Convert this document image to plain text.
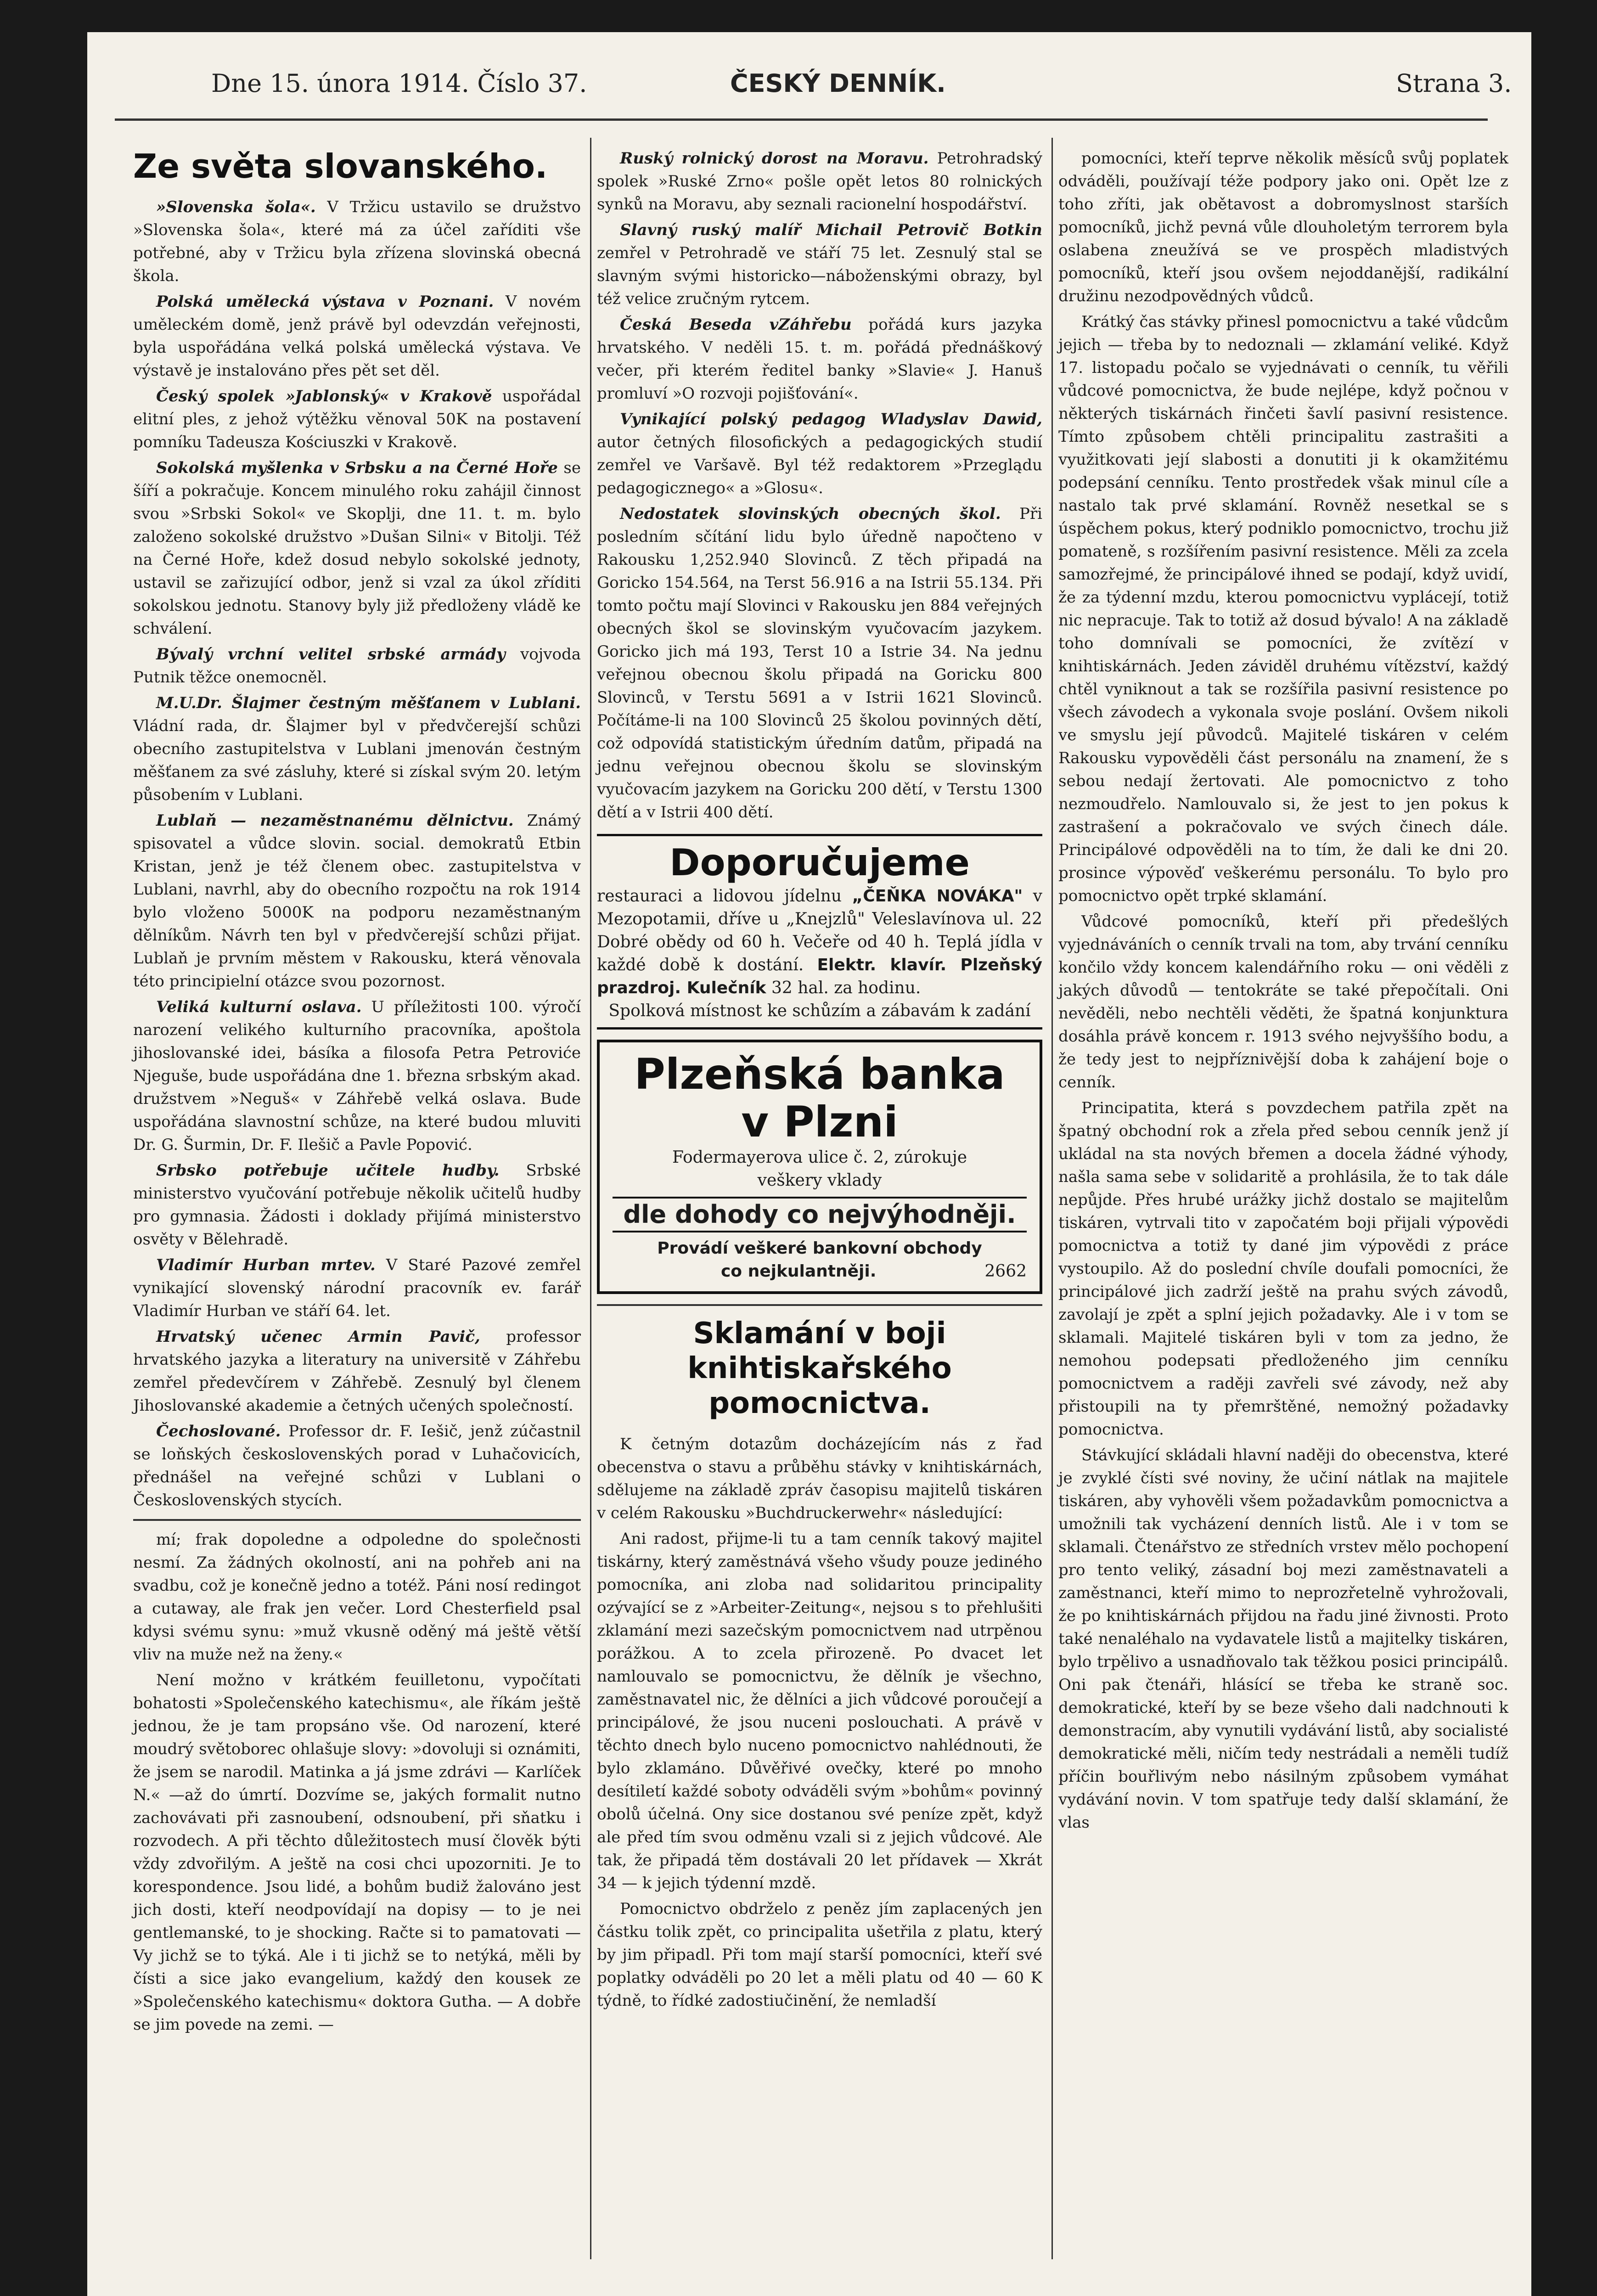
Dne 15. února 1914. Číslo 37.	ČESKÝ DENNÍK.	Strana 3.
Ze světa slovanského.

»Slovenska šola«. V Tržicu ustavilo se družstvo »Slovenska šola«, které má za účel zaříditi vše potřebné, aby v Tržicu byla zřízena slovinská obecná škola.

Polská umělecká výstava v Poznani. V novém uměleckém domě, jenž právě byl odevzdán veřejnosti, byla uspořádána velká polská umělecká výstava. Ve výstavě je instalováno přes pět set děl.

Český spolek »Jablonský« v Krakově uspořádal elitní ples, z jehož výtěžku věnoval 50K na postavení pomníku Tadeusza Kościuszki v Krakově.

Sokolská myšlenka v Srbsku a na Černé Hoře se šíří a pokračuje. Koncem minulého roku zahájil činnost svou »Srbski Sokol« ve Skoplji, dne 11. t. m. bylo založeno sokolské družstvo »Dušan Silni« v Bitolji. Též na Černé Hoře, kdež dosud nebylo sokolské jednoty, ustavil se zařizující odbor, jenž si vzal za úkol zříditi sokolskou jednotu. Stanovy byly již předloženy vládě ke schválení.

Bývalý vrchní velitel srbské armády vojvoda Putnik těžce onemocněl.

M.U.Dr. Šlajmer čestným měšťanem v Lublani. Vládní rada, dr. Šlajmer byl v předvčerejší schůzi obecního zastupitelstva v Lublani jmenován čestným měšťanem za své zásluhy, které si získal svým 20. letým působením v Lublani.

Lublaň — nezaměstnanému dělnictvu. Známý spisovatel a vůdce slovin. social. demokratů Etbin Kristan, jenž je též členem obec. zastupitelstva v Lublani, navrhl, aby do obecního rozpočtu na rok 1914 bylo vloženo 5000K na podporu nezaměstnaným dělníkům. Návrh ten byl v předvčerejší schůzi přijat. Lublaň je prvním městem v Rakousku, která věnovala této principielní otázce svou pozornost.

Veliká kulturní oslava. U příležitosti 100. výročí narození velikého kulturního pracovníka, apoštola jihoslovanské idei, básíka a filosofa Petra Petroviće Njeguše, bude uspořádána dne 1. března srbským akad. družstvem »Neguš« v Záhřebě velká oslava. Bude uspořádána slavnostní schůze, na které budou mluviti Dr. G. Šurmin, Dr. F. Ilešič a Pavle Popović.

Srbsko potřebuje učitele hudby. Srbské ministerstvo vyučování potřebuje několik učitelů hudby pro gymnasia. Žádosti i doklady přijímá ministerstvo osvěty v Bělehradě.

Vladimír Hurban mrtev. V Staré Pazové zemřel vynikající slovenský národní pracovník ev. farář Vladimír Hurban ve stáří 64. let.

Hrvatský učenec Armin Pavič, professor hrvatského jazyka a literatury na universitě v Záhřebu zemřel předevčírem v Záhřebě. Zesnulý byl členem Jihoslovanské akademie a četných učených společností.

Čechoslované. Professor dr. F. Iešič, jenž zúčastnil se loňských československých porad v Luhačovicích, přednášel na veřejné schůzi v Lublani o Československých stycích.

mí; frak dopoledne a odpoledne do společnosti nesmí. Za žádných okolností, ani na pohřeb ani na svadbu, což je konečně jedno a totéž. Páni nosí redingot a cutaway, ale frak jen večer. Lord Chesterfield psal kdysi svému synu: »muž vkusně oděný má ještě větší vliv na muže než na ženy.«

Není možno v krátkém feuilletonu, vypočítati bohatosti »Společenského katechismu«, ale říkám ještě jednou, že je tam propsáno vše. Od narození, které moudrý světoborec ohlašuje slovy: »dovoluji si oznámiti, že jsem se narodil. Matinka a já jsme zdrávi — Karlíček N.« —až do úmrtí. Dozvíme se, jakých formalit nutno zachovávati při zasnoubení, odsnoubení, při sňatku i rozvodech. A při těchto důležitostech musí člověk býti vždy zdvořilým. A ještě na cosi chci upozorniti. Je to korespondence. Jsou lidé, a bohům budiž žalováno jest jich dosti, kteří neodpovídají na dopisy — to je nei gentlemanské, to je shocking. Račte si to pamatovati — Vy jichž se to týká. Ale i ti jichž se to netýká, měli by čísti a sice jako evangelium, každý den kousek ze »Společenského katechismu« doktora Gutha. — A dobře se jim povede na zemi. —

Ruský rolnický dorost na Moravu. Petrohradský spolek »Ruské Zrno« pošle opět letos 80 rolnických synků na Moravu, aby seznali racionelní hospodářství.

Slavný ruský malíř Michail Petrovič Botkin zemřel v Petrohradě ve stáří 75 let. Zesnulý stal se slavným svými historicko—náboženskými obrazy, byl též velice zručným rytcem.

Česká Beseda vZáhřebu pořádá kurs jazyka hrvatského. V neděli 15. t. m. pořádá přednáškový večer, při kterém ředitel banky »Slavie« J. Hanuš promluví »O rozvoji pojišťování«.

Vynikající polský pedagog Wladyslav Dawid, autor četných filosofických a pedagogických studií zemřel ve Varšavě. Byl též redaktorem »Przeglądu pedagogicznego« a »Glosu«.

Nedostatek slovinských obecných škol. Při posledním sčítání lidu bylo úředně napočteno v Rakousku 1,252.940 Slovinců. Z těch připadá na Goricko 154.564, na Terst 56.916 a na Istrii 55.134. Při tomto počtu mají Slovinci v Rakousku jen 884 veřejných obecných škol se slovinským vyučovacím jazykem. Goricko jich má 193, Terst 10 a Istrie 34. Na jednu veřejnou obecnou školu připadá na Goricku 800 Slovinců, v Terstu 5691 a v Istrii 1621 Slovinců. Počítáme-li na 100 Slovinců 25 školou povinných dětí, což odpovídá statistickým úředním datům, připadá na jednu veřejnou obecnou školu se slovinským vyučovacím jazykem na Goricku 200 dětí, v Terstu 1300 dětí a v Istrii 400 dětí.

Doporučujeme
restauraci a lidovou jídelnu „ČEŇKA NOVÁKA" v Mezopotamii, dříve u „Knejzlů" Veleslavínova ul. 22 Dobré obědy od 60 h. Večeře od 40 h. Teplá jídla v každé době k dostání. Elektr. klavír. Plzeňský prazdroj. Kulečník 32 hal. za hodinu.
Spolková místnost ke schůzím a zábavám k zadání
Plzeňská banka
v Plzni
Fodermayerova ulice č. 2, zúrokuje
veškery vklady
dle dohody co nejvýhodněji.
Provádí veškeré bankovní obchody
co nejkulantněji.	2662
Sklamání v boji knihtiskařského pomocnictva.

K četným dotazům docházejícím nás z řad obecenstva o stavu a průběhu stávky v knihtiskárnách, sdělujeme na základě zpráv časopisu majitelů tiskáren v celém Rakousku »Buchdruckerwehr« následující:

Ani radost, přijme-li tu a tam cenník takový majitel tiskárny, který zaměstnává všeho všudy pouze jediného pomocníka, ani zloba nad solidaritou principality ozývající se z »Arbeiter-Zeitung«, nejsou s to přehlušiti zklamání mezi sazečským pomocnictvem nad utrpěnou porážkou. A to zcela přirozeně. Po dvacet let namlouvalo se pomocnictvu, že dělník je všechno, zaměstnavatel nic, že dělníci a jich vůdcové poroučejí a principálové, že jsou nuceni poslouchati. A právě v těchto dnech bylo nuceno pomocnictvo nahlédnouti, že bylo zklamáno. Důvěřivé ovečky, které po mnoho desítiletí každé soboty odváděli svým »bohům« povinný obolů účelná. Ony sice dostanou své peníze zpět, když ale před tím svou odměnu vzali si z jejich vůdcové. Ale tak, že připadá těm dostávali 20 let přídavek — Xkrát 34 — k jejich týdenní mzdě.

Pomocnictvo obdrželo z peněz jím zaplacených jen částku tolik zpět, co principalita ušetřila z platu, který by jim připadl. Při tom mají starší pomocníci, kteří své poplatky odváděli po 20 let a měli platu od 40 — 60 K týdně, to řídké zadostiučinění, že nemladší

pomocníci, kteří teprve několik měsíců svůj poplatek odváděli, používají téže podpory jako oni. Opět lze z toho zříti, jak obětavost a dobromyslnost starších pomocníků, jichž pevná vůle dlouholetým terrorem byla oslabena zneužívá se ve prospěch mladistvých pomocníků, kteří jsou ovšem nejoddanější, radikální družinu nezodpovědných vůdců.

Krátký čas stávky přinesl pomocnictvu a také vůdcům jejich — třeba by to nedoznali — zklamání veliké. Když 17. listopadu počalo se vyjednávati o cenník, tu věřili vůdcové pomocnictva, že bude nejlépe, když počnou v některých tiskárnách řinčeti šavlí pasivní resistence. Tímto způsobem chtěli principalitu zastrašiti a využitkovati její slabosti a donutiti ji k okamžitému podepsání cenníku. Tento prostředek však minul cíle a nastalo tak prvé sklamání. Rovněž nesetkal se s úspěchem pokus, který podniklo pomocnictvo, trochu již pomateně, s rozšířením pasivní resistence. Měli za zcela samozřejmé, že principálové ihned se podají, když uvidí, že za týdenní mzdu, kterou pomocnictvu vyplácejí, totiž nic nepracuje. Tak to totiž až dosud bývalo! A na základě toho domnívali se pomocníci, že zvítězí v knihtiskárnách. Jeden záviděl druhému vítězství, každý chtěl vyniknout a tak se rozšířila pasivní resistence po všech závodech a vykonala svoje poslání. Ovšem nikoli ve smyslu její původců. Majitelé tiskáren v celém Rakousku vypověděli část personálu na znamení, že s sebou nedají žertovati. Ale pomocnictvo z toho nezmoudřelo. Namlouvalo si, že jest to jen pokus k zastrašení a pokračovalo ve svých činech dále. Principálové odpověděli na to tím, že dali ke dni 20. prosince výpověď veškerému personálu. To bylo pro pomocnictvo opět trpké sklamání.

Vůdcové pomocníků, kteří při předešlých vyjednáváních o cenník trvali na tom, aby trvání cenníku končilo vždy koncem kalendářního roku — oni věděli z jakých důvodů — tentokráte se také přepočítali. Oni nevěděli, nebo nechtěli věděti, že špatná konjunktura dosáhla právě koncem r. 1913 svého nejvyššího bodu, a že tedy jest to nejpříznivější doba k zahájení boje o cenník.

Principatita, která s povzdechem patřila zpět na špatný obchodní rok a zřela před sebou cenník jenž jí ukládal na sta nových břemen a docela žádné výhody, našla sama sebe v solidaritě a prohlásila, že to tak dále nepůjde. Přes hrubé urážky jichž dostalo se majitelům tiskáren, vytrvali tito v započatém boji přijali výpovědi pomocnictva a totiž ty dané jim výpovědi z práce vystoupilo. Až do poslední chvíle doufali pomocníci, že principálové jich zadrží ještě na prahu svých závodů, zavolají je zpět a splní jejich požadavky. Ale i v tom se sklamali. Majitelé tiskáren byli v tom za jedno, že nemohou podepsati předloženého jim cenníku pomocnictvem a raději zavřeli své závody, než aby přistoupili na ty přemrštěné, nemožný požadavky pomocnictva.

Stávkující skládali hlavní naději do obecenstva, které je zvyklé čísti své noviny, že učiní nátlak na majitele tiskáren, aby vyhověli všem požadavkům pomocnictva a umožnili tak vycházení denních listů. Ale i v tom se sklamali. Čtenářstvo ze středních vrstev mělo pochopení pro tento veliký, zásadní boj mezi zaměstnavateli a zaměstnanci, kteří mimo to neprozřetelně vyhrožovali, že po knihtiskárnách přijdou na řadu jiné živnosti. Proto také nenaléhalo na vydavatele listů a majitelky tiskáren, bylo trpělivo a usnadňovalo tak těžkou posici principálů. Oni pak čtenáři, hlásící se třeba ke straně soc. demokratické, kteří by se beze všeho dali nadchnouti k demonstracím, aby vynutili vydávání listů, aby socialisté demokratické měli, ničím tedy nestrádali a neměli tudíž příčin bouřlivým nebo násilným způsobem vymáhat vydávání novin. V tom spatřuje tedy další sklamání, že vlas
